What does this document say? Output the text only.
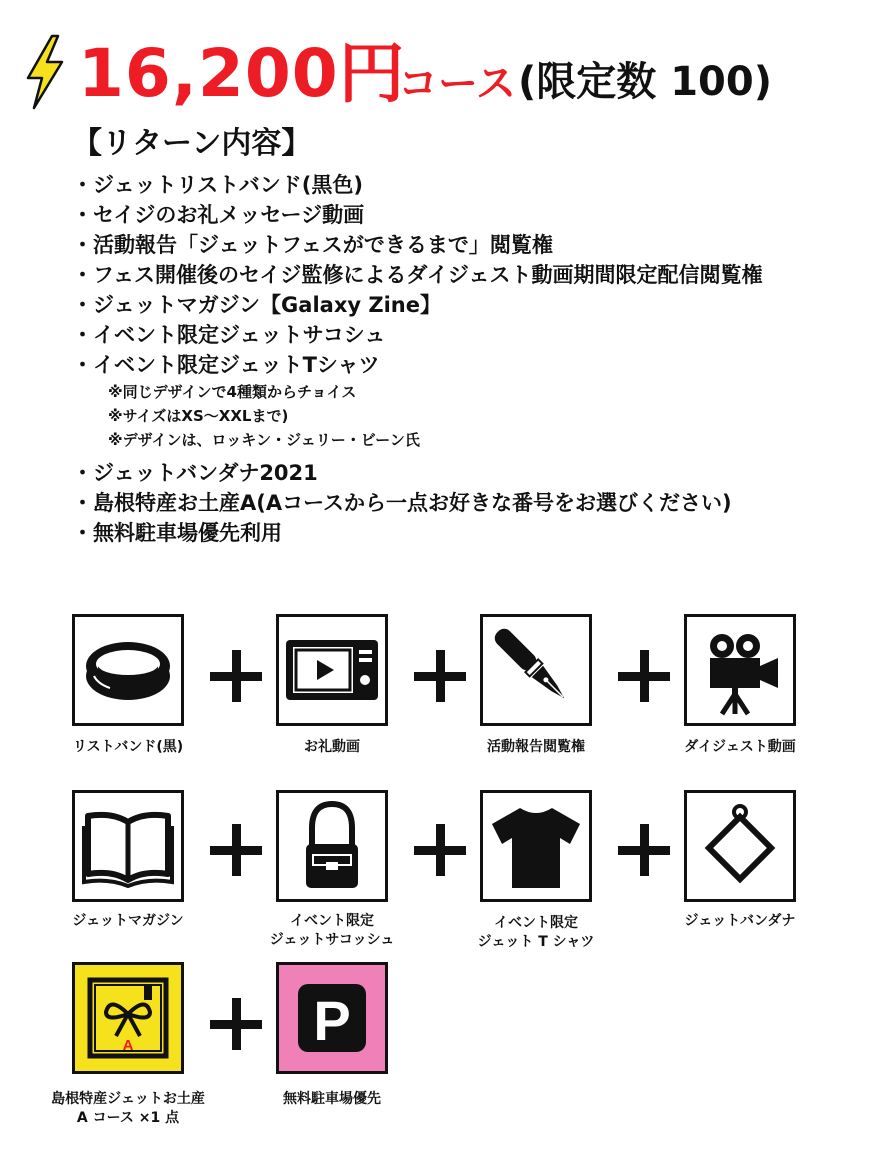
16,200円
コース (限定数 100)
【リターン内容】
・ジェットリストバンド(黒色)
・セイジのお礼メッセージ動画
・活動報告「ジェットフェスができるまで」閲覧権
・フェス開催後のセイジ監修によるダイジェスト動画期間限定配信閲覧権
・ジェットマガジン【Galaxy Zine】
・イベント限定ジェットサコシュ
・イベント限定ジェットTシャツ
※同じデザインで4種類からチョイス
※サイズはXS〜XXLまで)
※デザインは、ロッキン・ジェリー・ビーン氏
・ジェットバンダナ2021
・島根特産お土産A(Aコースから一点お好きな番号をお選びください)
・無料駐車場優先利用
リストバンド(黒)	お礼動画	活動報告閲覧権	ダイジェスト動画
ジェットマガジン	イベント限定
ジェットサコッシュ
イベント限定
ジェット T シャツ
ジェットバンダナ
A	P
島根特産ジェットお土産
A コース ×1 点
無料駐車場優先
